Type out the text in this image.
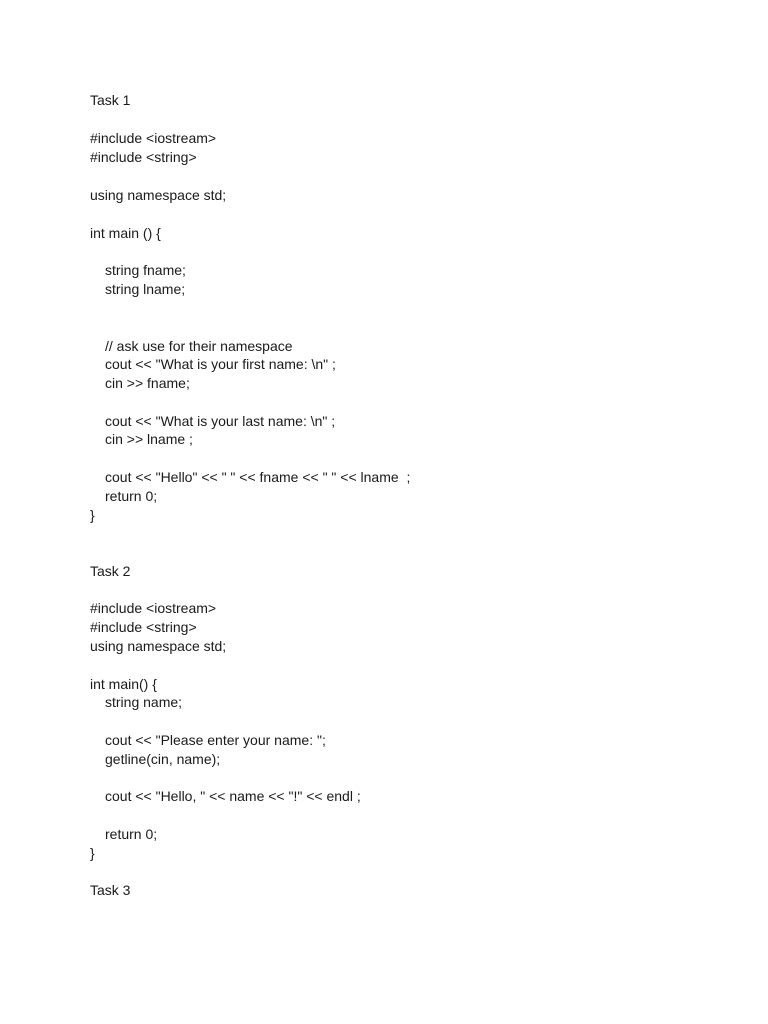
Task 1
#include <iostream>
#include <string>
using namespace std;
int main () {
string fname;
string lname;
// ask use for their namespace
cout << "What is your first name: \n" ;
cin >> fname;
cout << "What is your last name: \n" ;
cin >> lname ;
cout << "Hello" << " " << fname << " " << lname  ;
return 0;
}
Task 2
#include <iostream>
#include <string>
using namespace std;
int main() {
string name;
cout << "Please enter your name: ";
getline(cin, name);
cout << "Hello, " << name << "!" << endl ;
return 0;
}
Task 3
